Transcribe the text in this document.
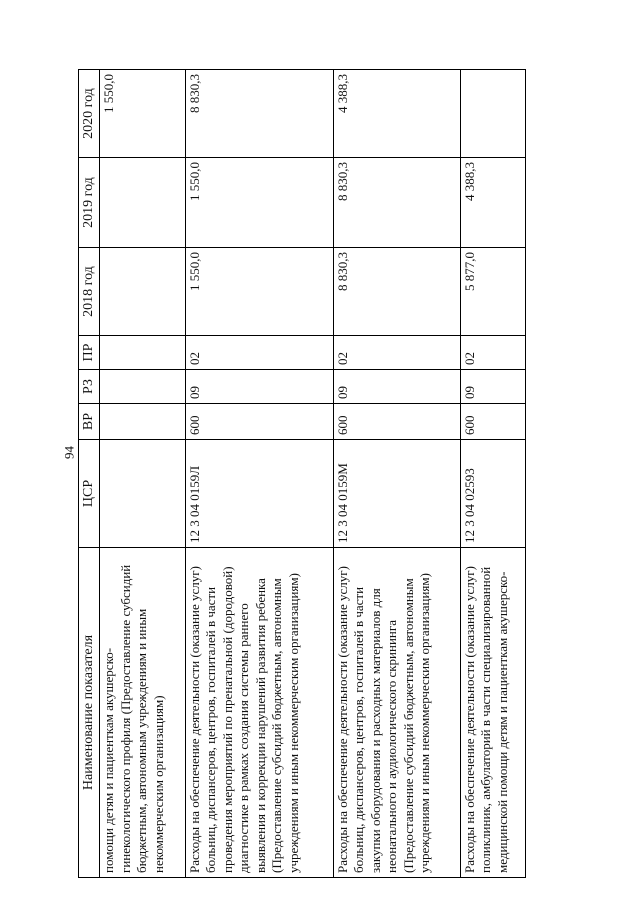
94
Наименование показателя	ЦСР	ВР	РЗ	ПР	2018 год	2019 год	2020 год
помощи детям и пациенткам акушерско-гинекологического профиля (Предоставление субсидий бюджетным, автономным учреждениям и иным некоммерческим организациям)							1 550,0
Расходы на обеспечение деятельности (оказание услуг) больниц, диспансеров, центров, госпиталей в части проведения мероприятий по пренатальной (дородовой) диагностике в рамках создания системы раннего выявления и коррекции нарушений развития ребенка (Предоставление субсидий бюджетным, автономным учреждениям и иным некоммерческим организациям)	12 3 04 0159Л	600	09	02	1 550,0	1 550,0	8 830,3
Расходы на обеспечение деятельности (оказание услуг) больниц, диспансеров, центров, госпиталей в части закупки оборудования и расходных материалов для неонатального и аудиологического скрининга (Предоставление субсидий бюджетным, автономным учреждениям и иным некоммерческим организациям)	12 3 04 0159М	600	09	02	8 830,3	8 830,3	4 388,3
Расходы на обеспечение деятельности (оказание услуг) поликлиник, амбулаторий в части специализированной медицинской помощи детям и пациенткам акушерско-	12 3 04 02593	600	09	02	5 877,0	4 388,3	
